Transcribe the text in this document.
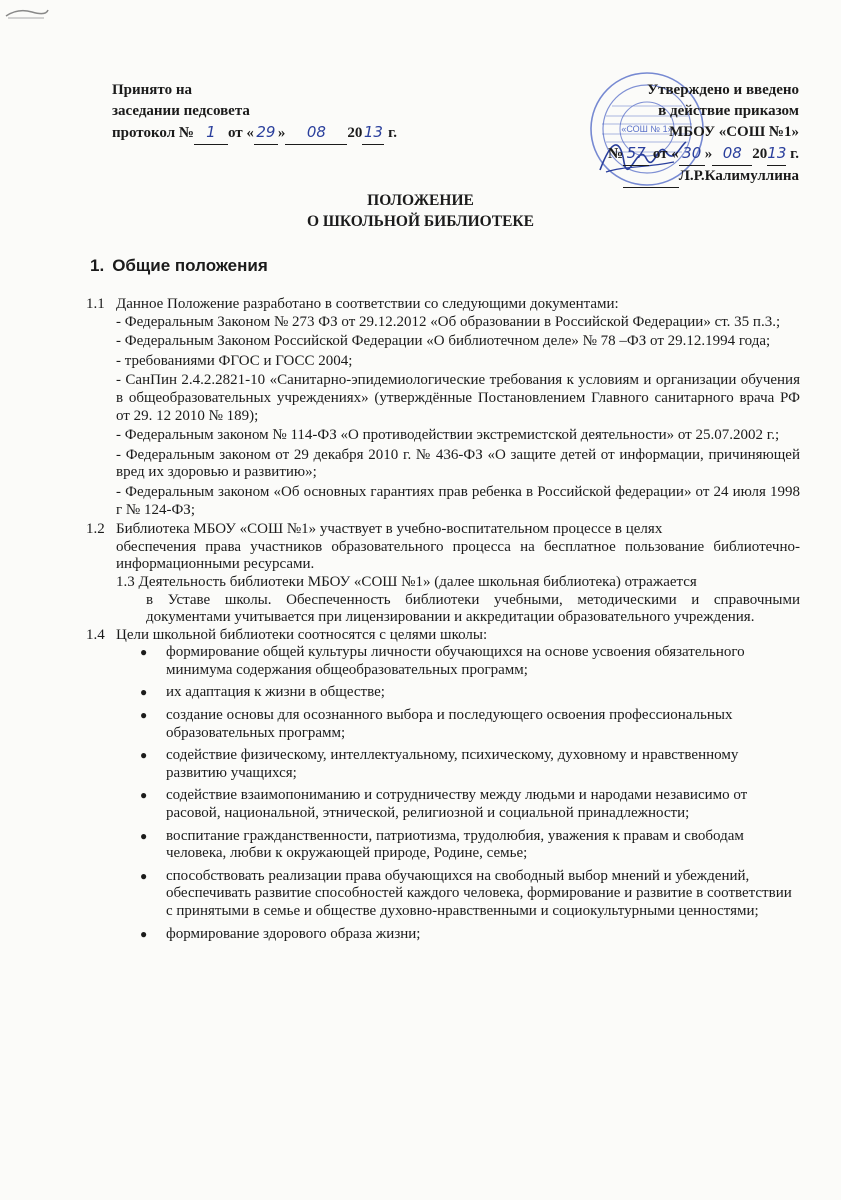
Принято на
заседании педсовета
протокол № 1 от « 29 » 08 2013 г.	«СОШ № 1»
Утверждено и введено
в действие приказом
МБОУ «СОШ №1»
№ 57 от « 30 » 08 2013 г.
Л.Р.Калимуллина
ПОЛОЖЕНИЕ
О ШКОЛЬНОЙ БИБЛИОТЕКЕ
1. Общие положения
1.1 Данное Положение разработано в соответствии со следующими документами:
- Федеральным Законом № 273 ФЗ от 29.12.2012 «Об образовании в Российской Федерации» ст. 35 п.3.;
- Федеральным Законом Российской Федерации «О библиотечном деле» № 78 –ФЗ от 29.12.1994 года;
- требованиями ФГОС и ГОСС 2004;
- СанПин 2.4.2.2821-10 «Санитарно-эпидемиологические требования к условиям и организации обучения в общеобразовательных учреждениях» (утверждённые Постановлением Главного санитарного врача РФ от 29. 12 2010 № 189);
- Федеральным законом № 114-ФЗ «О противодействии экстремистской деятельности» от 25.07.2002 г.;
- Федеральным законом от 29 декабря 2010 г. № 436-ФЗ «О защите детей от информации, причиняющей вред их здоровью и развитию»;
- Федеральным законом «Об основных гарантиях прав ребенка в Российской федерации» от 24 июля 1998 г № 124-ФЗ;
1.2 Библиотека МБОУ «СОШ №1» участвует в учебно-воспитательном процессе в целях
обеспечения права участников образовательного процесса на бесплатное пользование библиотечно-информационными ресурсами.
1.3 Деятельность библиотеки МБОУ «СОШ №1» (далее школьная библиотека) отражается
в Уставе школы. Обеспеченность библиотеки учебными, методическими и справочными документами учитывается при лицензировании и аккредитации образовательного учреждения.
1.4 Цели школьной библиотеки соотносятся с целями школы:
● формирование общей культуры личности обучающихся на основе усвоения обязательного минимума содержания общеобразовательных программ;
● их адаптация к жизни в обществе;
● создание основы для осознанного выбора и последующего освоения профессиональных образовательных программ;
● содействие физическому, интеллектуальному, психическому, духовному и нравственному развитию учащихся;
● содействие взаимопониманию и сотрудничеству между людьми и народами независимо от расовой, национальной, этнической, религиозной и социальной принадлежности;
● воспитание гражданственности, патриотизма, трудолюбия, уважения к правам и свободам человека, любви к окружающей природе, Родине, семье;
● способствовать реализации права обучающихся на свободный выбор мнений и убеждений, обеспечивать развитие способностей каждого человека, формирование и развитие в соответствии с принятыми в семье и обществе духовно-нравственными и социокультурными ценностями;
● формирование здорового образа жизни;
